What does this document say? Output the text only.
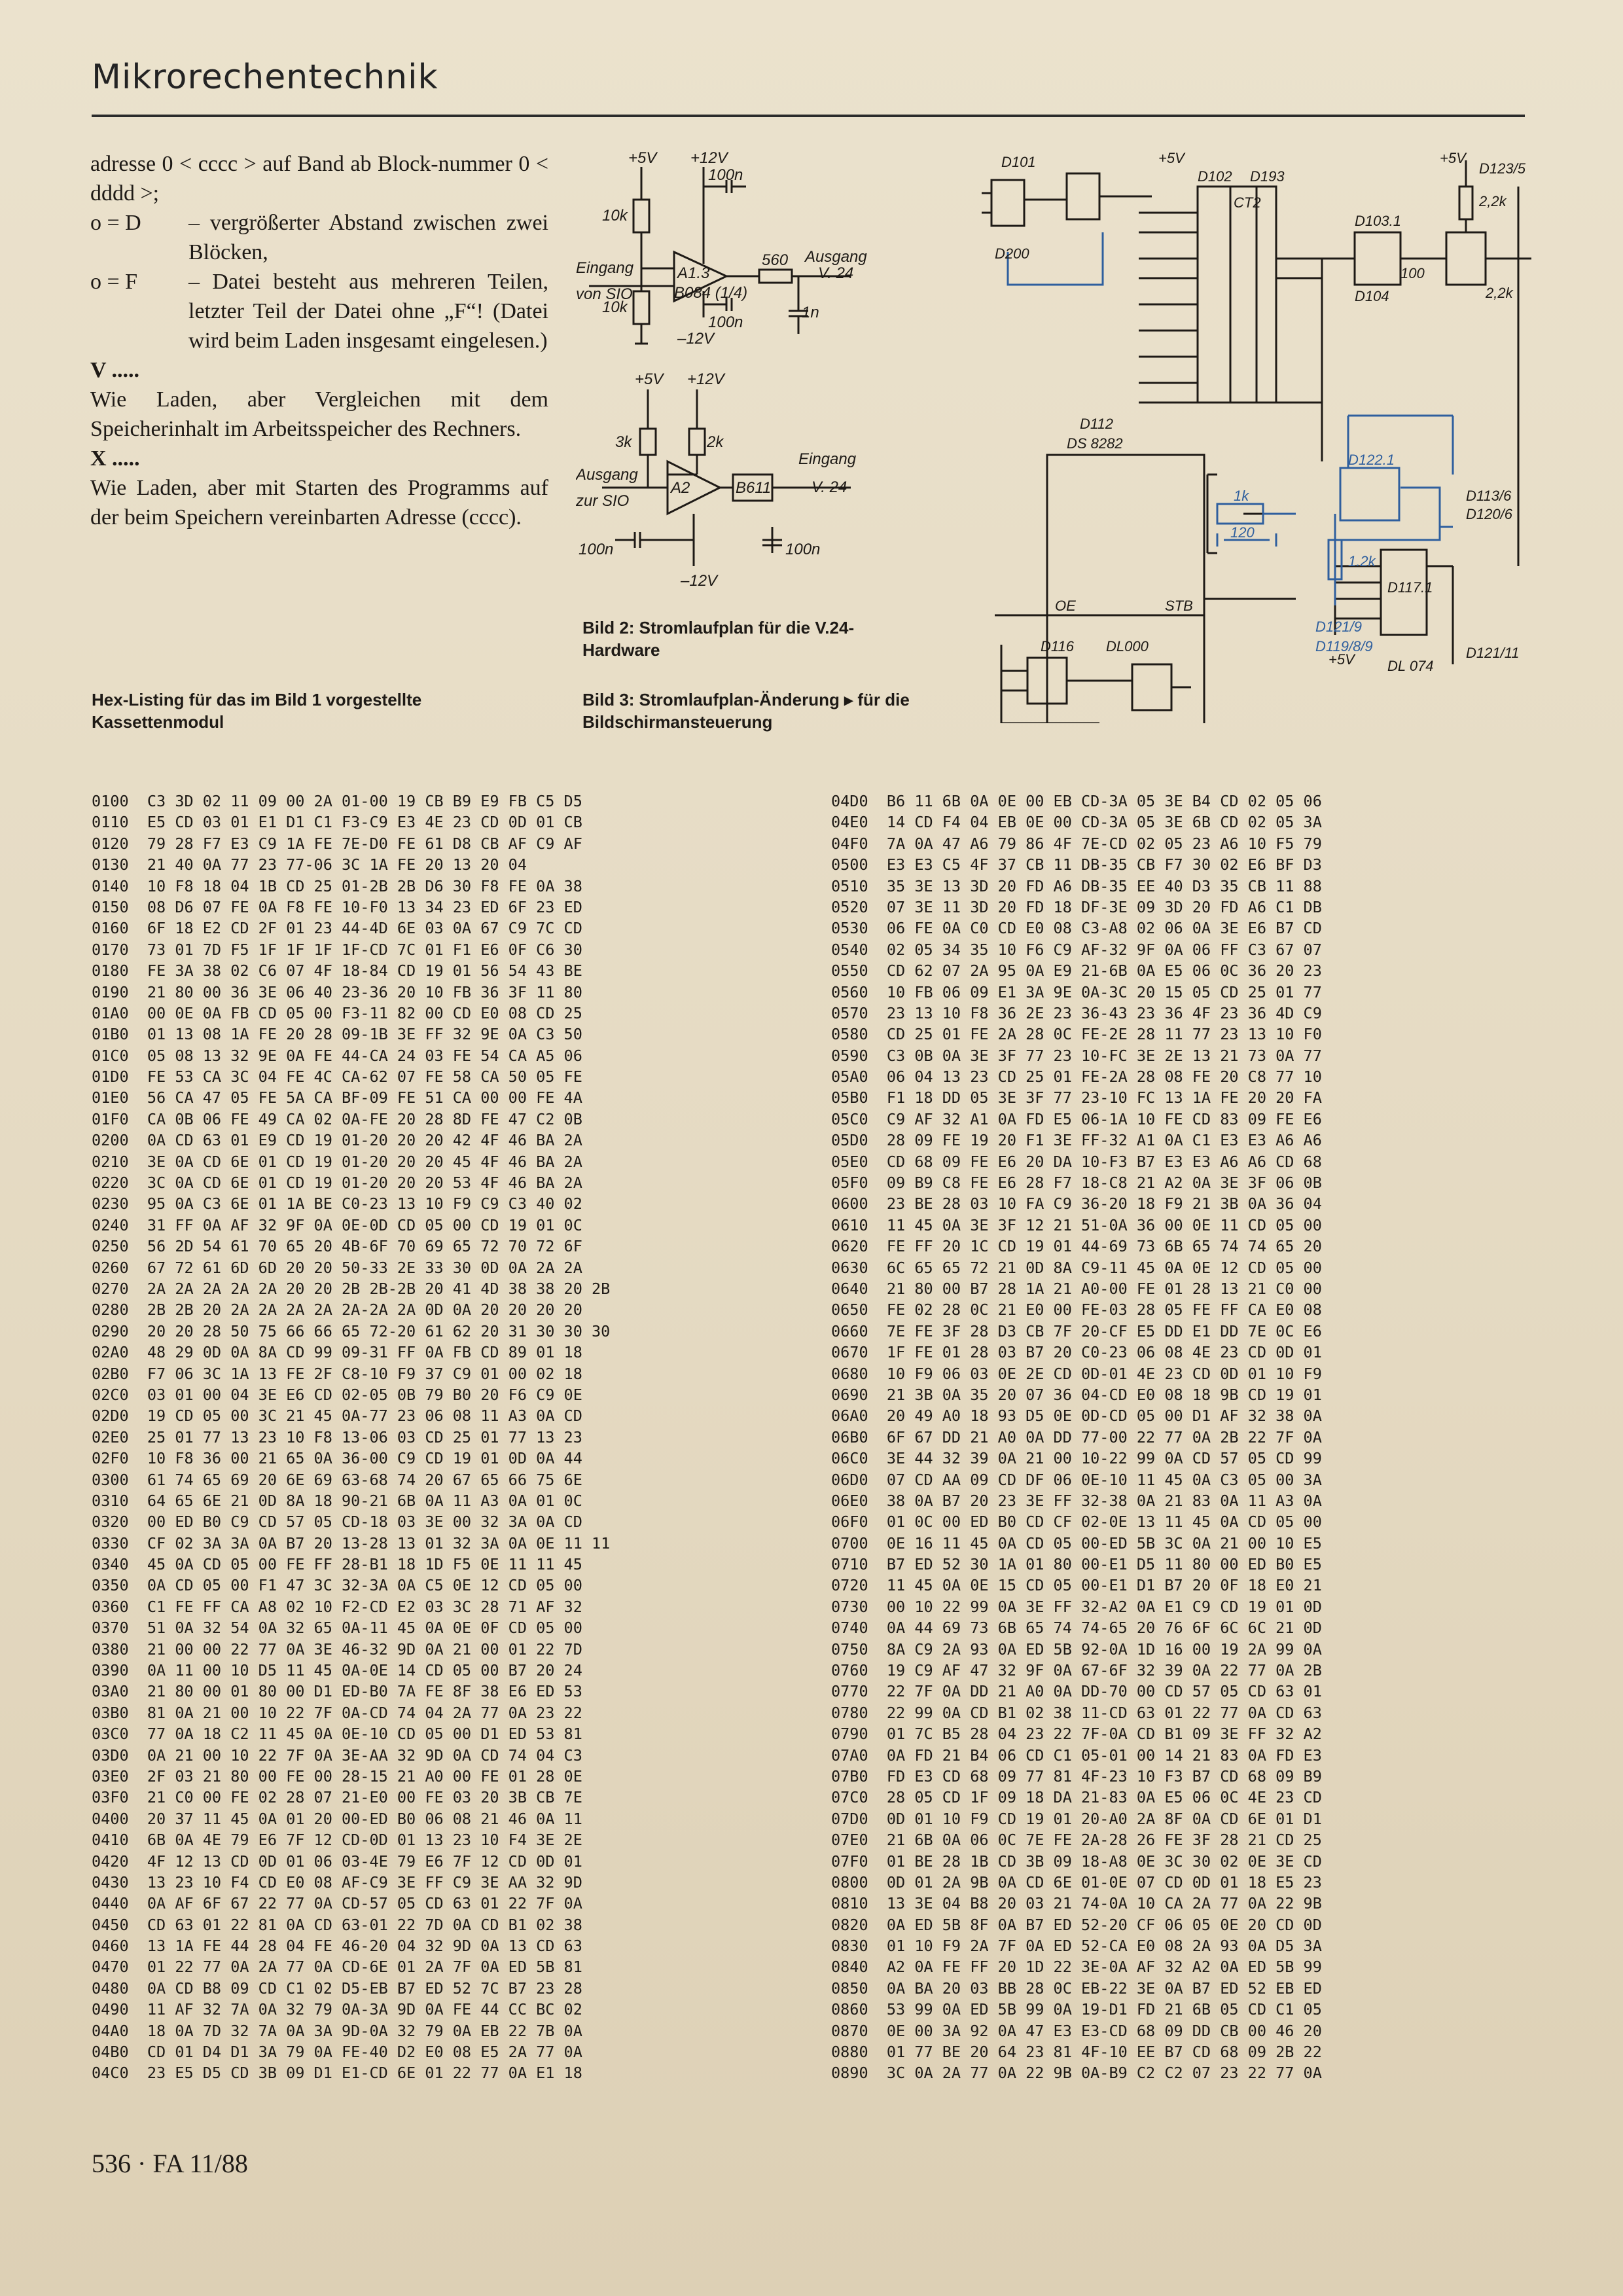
Mikrorechentechnik

adresse 0 < cccc > auf Band ab Block-nummer 0 < dddd >;

o = D	– vergrößerter Abstand zwischen zwei Blöcken,
o = F	– Datei besteht aus mehreren Teilen, letzter Teil der Datei ohne „F“! (Datei wird beim Laden insgesamt eingelesen.)

V .....

Wie Laden, aber Vergleichen mit dem Speicherinhalt im Arbeitsspeicher des Rechners.

X .....

Wie Laden, aber mit Starten des Programms auf der beim Speichern vereinbarten Adresse (cccc).

Hex-Listing für das im Bild 1 vorgestellte Kassettenmodul
+5V +12V
10k
10k
100n
100n
A1.3
B084 (1/4)
560 Ausgang
V. 24
1n
Eingang
von SIO
–12V
+5V +12V
3k	2k
A2	B611
Eingang
V. 24
Ausgang
zur SIO
100n	100n
–12V
Bild 2: Stromlaufplan für die V.24-Hardware
D101
D200
D102 D193
CT2
+5V
D103.1
D104
D123/5
+5V
2,2k
2,2k
100
D112
DS 8282
OE	STB
D117.1
DL 074
D121/11
D116 DL000
D113/6
D120/6
+5V
1k
120
D122.1
1.2k
D121/9
D119/8/9
Bild 3: Stromlaufplan-Änderung ▸ für die Bildschirmansteuerung
0100  C3 3D 02 11 09 00 2A 01-00 19 CB B9 E9 FB C5 D5
0110  E5 CD 03 01 E1 D1 C1 F3-C9 E3 4E 23 CD 0D 01 CB
0120  79 28 F7 E3 C9 1A FE 7E-D0 FE 61 D8 CB AF C9 AF
0130  21 40 0A 77 23 77-06 3C 1A FE 20 13 20 04
0140  10 F8 18 04 1B CD 25 01-2B 2B D6 30 F8 FE 0A 38
0150  08 D6 07 FE 0A F8 FE 10-F0 13 34 23 ED 6F 23 ED
0160  6F 18 E2 CD 2F 01 23 44-4D 6E 03 0A 67 C9 7C CD
0170  73 01 7D F5 1F 1F 1F 1F-CD 7C 01 F1 E6 0F C6 30
0180  FE 3A 38 02 C6 07 4F 18-84 CD 19 01 56 54 43 BE
0190  21 80 00 36 3E 06 40 23-36 20 10 FB 36 3F 11 80
01A0  00 0E 0A FB CD 05 00 F3-11 82 00 CD E0 08 CD 25
01B0  01 13 08 1A FE 20 28 09-1B 3E FF 32 9E 0A C3 50
01C0  05 08 13 32 9E 0A FE 44-CA 24 03 FE 54 CA A5 06
01D0  FE 53 CA 3C 04 FE 4C CA-62 07 FE 58 CA 50 05 FE
01E0  56 CA 47 05 FE 5A CA BF-09 FE 51 CA 00 00 FE 4A
01F0  CA 0B 06 FE 49 CA 02 0A-FE 20 28 8D FE 47 C2 0B
0200  0A CD 63 01 E9 CD 19 01-20 20 20 42 4F 46 BA 2A
0210  3E 0A CD 6E 01 CD 19 01-20 20 20 45 4F 46 BA 2A
0220  3C 0A CD 6E 01 CD 19 01-20 20 20 53 4F 46 BA 2A
0230  95 0A C3 6E 01 1A BE C0-23 13 10 F9 C9 C3 40 02
0240  31 FF 0A AF 32 9F 0A 0E-0D CD 05 00 CD 19 01 0C
0250  56 2D 54 61 70 65 20 4B-6F 70 69 65 72 70 72 6F
0260  67 72 61 6D 6D 20 20 50-33 2E 33 30 0D 0A 2A 2A
0270  2A 2A 2A 2A 2A 20 20 2B 2B-2B 20 41 4D 38 38 20 2B
0280  2B 2B 20 2A 2A 2A 2A 2A-2A 2A 0D 0A 20 20 20 20
0290  20 20 28 50 75 66 66 65 72-20 61 62 20 31 30 30 30
02A0  48 29 0D 0A 8A CD 99 09-31 FF 0A FB CD 89 01 18
02B0  F7 06 3C 1A 13 FE 2F C8-10 F9 37 C9 01 00 02 18
02C0  03 01 00 04 3E E6 CD 02-05 0B 79 B0 20 F6 C9 0E
02D0  19 CD 05 00 3C 21 45 0A-77 23 06 08 11 A3 0A CD
02E0  25 01 77 13 23 10 F8 13-06 03 CD 25 01 77 13 23
02F0  10 F8 36 00 21 65 0A 36-00 C9 CD 19 01 0D 0A 44
0300  61 74 65 69 20 6E 69 63-68 74 20 67 65 66 75 6E
0310  64 65 6E 21 0D 8A 18 90-21 6B 0A 11 A3 0A 01 0C
0320  00 ED B0 C9 CD 57 05 CD-18 03 3E 00 32 3A 0A CD
0330  CF 02 3A 3A 0A B7 20 13-28 13 01 32 3A 0A 0E 11 11
0340  45 0A CD 05 00 FE FF 28-B1 18 1D F5 0E 11 11 45
0350  0A CD 05 00 F1 47 3C 32-3A 0A C5 0E 12 CD 05 00
0360  C1 FE FF CA A8 02 10 F2-CD E2 03 3C 28 71 AF 32
0370  51 0A 32 54 0A 32 65 0A-11 45 0A 0E 0F CD 05 00
0380  21 00 00 22 77 0A 3E 46-32 9D 0A 21 00 01 22 7D
0390  0A 11 00 10 D5 11 45 0A-0E 14 CD 05 00 B7 20 24
03A0  21 80 00 01 80 00 D1 ED-B0 7A FE 8F 38 E6 ED 53
03B0  81 0A 21 00 10 22 7F 0A-CD 74 04 2A 77 0A 23 22
03C0  77 0A 18 C2 11 45 0A 0E-10 CD 05 00 D1 ED 53 81
03D0  0A 21 00 10 22 7F 0A 3E-AA 32 9D 0A CD 74 04 C3
03E0  2F 03 21 80 00 FE 00 28-15 21 A0 00 FE 01 28 0E
03F0  21 C0 00 FE 02 28 07 21-E0 00 FE 03 20 3B CB 7E
0400  20 37 11 45 0A 01 20 00-ED B0 06 08 21 46 0A 11
0410  6B 0A 4E 79 E6 7F 12 CD-0D 01 13 23 10 F4 3E 2E
0420  4F 12 13 CD 0D 01 06 03-4E 79 E6 7F 12 CD 0D 01
0430  13 23 10 F4 CD E0 08 AF-C9 3E FF C9 3E AA 32 9D
0440  0A AF 6F 67 22 77 0A CD-57 05 CD 63 01 22 7F 0A
0450  CD 63 01 22 81 0A CD 63-01 22 7D 0A CD B1 02 38
0460  13 1A FE 44 28 04 FE 46-20 04 32 9D 0A 13 CD 63
0470  01 22 77 0A 2A 77 0A CD-6E 01 2A 7F 0A ED 5B 81
0480  0A CD B8 09 CD C1 02 D5-EB B7 ED 52 7C B7 23 28
0490  11 AF 32 7A 0A 32 79 0A-3A 9D 0A FE 44 CC BC 02
04A0  18 0A 7D 32 7A 0A 3A 9D-0A 32 79 0A EB 22 7B 0A
04B0  CD 01 D4 D1 3A 79 0A FE-40 D2 E0 08 E5 2A 77 0A
04C0  23 E5 D5 CD 3B 09 D1 E1-CD 6E 01 22 77 0A E1 18
04D0  B6 11 6B 0A 0E 00 EB CD-3A 05 3E B4 CD 02 05 06
04E0  14 CD F4 04 EB 0E 00 CD-3A 05 3E 6B CD 02 05 3A
04F0  7A 0A 47 A6 79 86 4F 7E-CD 02 05 23 A6 10 F5 79
0500  E3 E3 C5 4F 37 CB 11 DB-35 CB F7 30 02 E6 BF D3
0510  35 3E 13 3D 20 FD A6 DB-35 EE 40 D3 35 CB 11 88
0520  07 3E 11 3D 20 FD 18 DF-3E 09 3D 20 FD A6 C1 DB
0530  06 FE 0A C0 CD E0 08 C3-A8 02 06 0A 3E E6 B7 CD
0540  02 05 34 35 10 F6 C9 AF-32 9F 0A 06 FF C3 67 07
0550  CD 62 07 2A 95 0A E9 21-6B 0A E5 06 0C 36 20 23
0560  10 FB 06 09 E1 3A 9E 0A-3C 20 15 05 CD 25 01 77
0570  23 13 10 F8 36 2E 23 36-43 23 36 4F 23 36 4D C9
0580  CD 25 01 FE 2A 28 0C FE-2E 28 11 77 23 13 10 F0
0590  C3 0B 0A 3E 3F 77 23 10-FC 3E 2E 13 21 73 0A 77
05A0  06 04 13 23 CD 25 01 FE-2A 28 08 FE 20 C8 77 10
05B0  F1 18 DD 05 3E 3F 77 23-10 FC 13 1A FE 20 20 FA
05C0  C9 AF 32 A1 0A FD E5 06-1A 10 FE CD 83 09 FE E6
05D0  28 09 FE 19 20 F1 3E FF-32 A1 0A C1 E3 E3 A6 A6
05E0  CD 68 09 FE E6 20 DA 10-F3 B7 E3 E3 A6 A6 CD 68
05F0  09 B9 C8 FE E6 28 F7 18-C8 21 A2 0A 3E 3F 06 0B
0600  23 BE 28 03 10 FA C9 36-20 18 F9 21 3B 0A 36 04
0610  11 45 0A 3E 3F 12 21 51-0A 36 00 0E 11 CD 05 00
0620  FE FF 20 1C CD 19 01 44-69 73 6B 65 74 74 65 20
0630  6C 65 65 72 21 0D 8A C9-11 45 0A 0E 12 CD 05 00
0640  21 80 00 B7 28 1A 21 A0-00 FE 01 28 13 21 C0 00
0650  FE 02 28 0C 21 E0 00 FE-03 28 05 FE FF CA E0 08
0660  7E FE 3F 28 D3 CB 7F 20-CF E5 DD E1 DD 7E 0C E6
0670  1F FE 01 28 03 B7 20 C0-23 06 08 4E 23 CD 0D 01
0680  10 F9 06 03 0E 2E CD 0D-01 4E 23 CD 0D 01 10 F9
0690  21 3B 0A 35 20 07 36 04-CD E0 08 18 9B CD 19 01
06A0  20 49 A0 18 93 D5 0E 0D-CD 05 00 D1 AF 32 38 0A
06B0  6F 67 DD 21 A0 0A DD 77-00 22 77 0A 2B 22 7F 0A
06C0  3E 44 32 39 0A 21 00 10-22 99 0A CD 57 05 CD 99
06D0  07 CD AA 09 CD DF 06 0E-10 11 45 0A C3 05 00 3A
06E0  38 0A B7 20 23 3E FF 32-38 0A 21 83 0A 11 A3 0A
06F0  01 0C 00 ED B0 CD CF 02-0E 13 11 45 0A CD 05 00
0700  0E 16 11 45 0A CD 05 00-ED 5B 3C 0A 21 00 10 E5
0710  B7 ED 52 30 1A 01 80 00-E1 D5 11 80 00 ED B0 E5
0720  11 45 0A 0E 15 CD 05 00-E1 D1 B7 20 0F 18 E0 21
0730  00 10 22 99 0A 3E FF 32-A2 0A E1 C9 CD 19 01 0D
0740  0A 44 69 73 6B 65 74 74-65 20 76 6F 6C 6C 21 0D
0750  8A C9 2A 93 0A ED 5B 92-0A 1D 16 00 19 2A 99 0A
0760  19 C9 AF 47 32 9F 0A 67-6F 32 39 0A 22 77 0A 2B
0770  22 7F 0A DD 21 A0 0A DD-70 00 CD 57 05 CD 63 01
0780  22 99 0A CD B1 02 38 11-CD 63 01 22 77 0A CD 63
0790  01 7C B5 28 04 23 22 7F-0A CD B1 09 3E FF 32 A2
07A0  0A FD 21 B4 06 CD C1 05-01 00 14 21 83 0A FD E3
07B0  FD E3 CD 68 09 77 81 4F-23 10 F3 B7 CD 68 09 B9
07C0  28 05 CD 1F 09 18 DA 21-83 0A E5 06 0C 4E 23 CD
07D0  0D 01 10 F9 CD 19 01 20-A0 2A 8F 0A CD 6E 01 D1
07E0  21 6B 0A 06 0C 7E FE 2A-28 26 FE 3F 28 21 CD 25
07F0  01 BE 28 1B CD 3B 09 18-A8 0E 3C 30 02 0E 3E CD
0800  0D 01 2A 9B 0A CD 6E 01-0E 07 CD 0D 01 18 E5 23
0810  13 3E 04 B8 20 03 21 74-0A 10 CA 2A 77 0A 22 9B
0820  0A ED 5B 8F 0A B7 ED 52-20 CF 06 05 0E 20 CD 0D
0830  01 10 F9 2A 7F 0A ED 52-CA E0 08 2A 93 0A D5 3A
0840  A2 0A FE FF 20 1D 22 3E-0A AF 32 A2 0A ED 5B 99
0850  0A BA 20 03 BB 28 0C EB-22 3E 0A B7 ED 52 EB ED
0860  53 99 0A ED 5B 99 0A 19-D1 FD 21 6B 05 CD C1 05
0870  0E 00 3A 92 0A 47 E3 E3-CD 68 09 DD CB 00 46 20
0880  01 77 BE 20 64 23 81 4F-10 EE B7 CD 68 09 2B 22
0890  3C 0A 2A 77 0A 22 9B 0A-B9 C2 C2 07 23 22 77 0A
536 · FA 11/88
